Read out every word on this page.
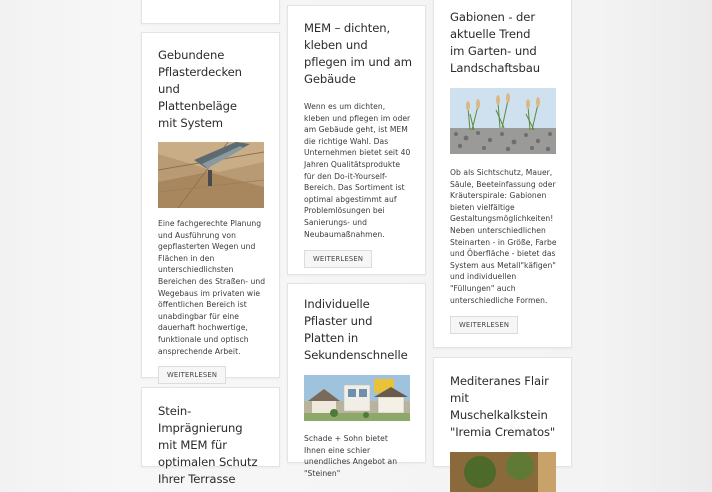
Gebundene Pflasterdecken und Plattenbeläge mit System

Eine fachgerechte Planung und Ausführung von gepflasterten Wegen und Flächen in den unterschiedlichsten Bereichen des Straßen- und Wegebaus im privaten wie öffentlichen Bereich ist unabdingbar für eine dauerhaft hochwertige, funktionale und optisch ansprechende Arbeit.

WEITERLESEN
Stein-Imprägnierung mit MEM für optimalen Schutz Ihrer Terrasse
MEM – dichten, kleben und pflegen im und am Gebäude

Wenn es um dichten, kleben und pflegen im oder am Gebäude geht, ist MEM die richtige Wahl. Das Unternehmen bietet seit 40 Jahren Qualitätsprodukte für den Do-it-Yourself-Bereich. Das Sortiment ist optimal abgestimmt auf Problemlösungen bei Sanierungs- und Neubaumaßnahmen.

WEITERLESEN
Individuelle Pflaster und Platten in Sekundenschnelle

Schade + Sohn bietet Ihnen eine schier unendliches Angebot an "Steinen"

Gabionen - der aktuelle Trend im Garten- und Landschaftsbau

Ob als Sichtschutz, Mauer, Säule, Beeteinfassung oder Kräuterspirale: Gabionen bieten vielfältige Gestaltungsmöglichkeiten! Neben unterschiedlichen Steinarten - in Größe, Farbe und Öberfläche - bietet das System aus Metall"käfigen" und individuellen "Füllungen" auch unterschiedliche Formen.

WEITERLESEN
Mediteranes Flair mit Muschelkalkstein "Iremia Crematos"
